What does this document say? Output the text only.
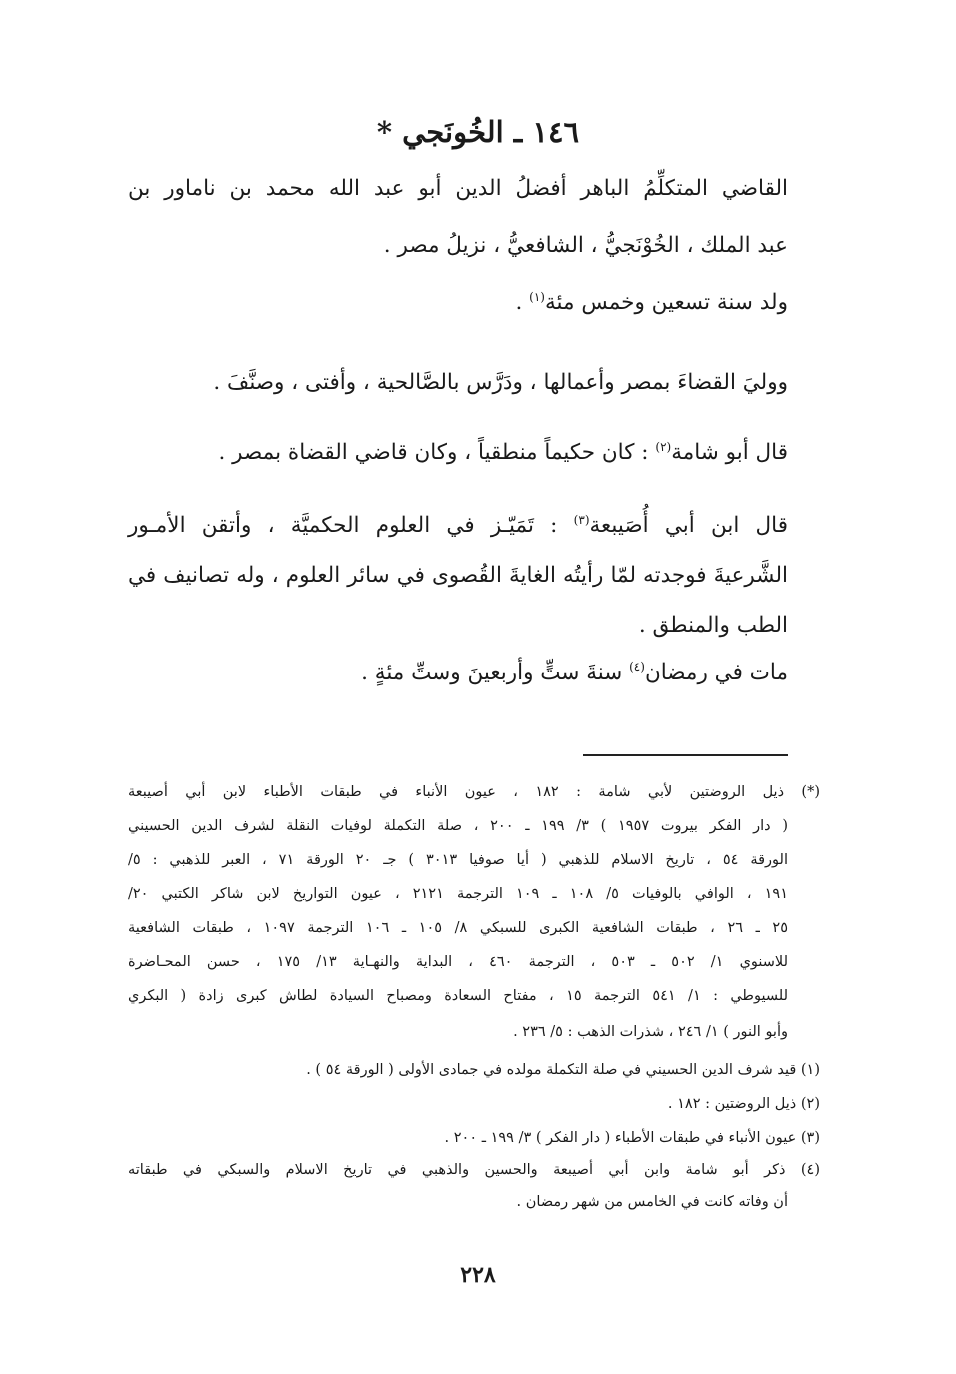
١٤٦ ـ الخُونَجي *
القاضي المتكلِّمُ الباهر أفضلُ الدين أبو عبد الله محمد بن ناماور بن
عبد الملك ، الخُوْنَجيُّ ، الشافعيُّ ، نزيلُ مصر .
ولد سنة تسعين وخمس مئة$^{(١)}$ .
ووليَ القضاءَ بمصر وأعمالها ، ودَرَّس بالصَّالحية ، وأفتى ، وصنَّفَ .
قال أبو شامة$^{(٢)}$ : كان حكيماً منطقياً ، وكان قاضي القضاة بمصر .
قال ابن أبي أُصَيبعة$^{(٣)}$ : تَمَيّـز في العلوم الحكميَّة ، وأتقن الأمـور
الشَّرعيةَ فوجدته لمّا رأيتُه الغايةَ القُصوى في سائر العلوم ، وله تصانيف في
الطب والمنطق .
مات في رمضان$^{(٤)}$ سنةَ ستٍّ وأربعينَ وستِّ مئةٍ .
(*) ذيل الروضتين لأبي شامة : ١٨٢ ، عيون الأنباء في طبقات الأطباء لابن أبي أصيبعة
( دار الفكر بيروت ١٩٥٧ ) ٣/ ١٩٩ ـ ٢٠٠ ، صلة التكملة لوفيات النقلة لشرف الدين الحسيني
الورقة ٥٤ ، تاريخ الاسلام للذهبي ( أيا صوفيا ٣٠١٣ ) جـ ٢٠ الورقة ٧١ ، العبر للذهبي : ٥/
١٩١ ، الوافي بالوفيات ٥/ ١٠٨ ـ ١٠٩ الترجمة ٢١٢١ ، عيون التواريخ لابن شاكر الكتبي ٢٠/
٢٥ ـ ٢٦ ، طبقات الشافعية الكبرى للسبكي ٨/ ١٠٥ ـ ١٠٦ الترجمة ١٠٩٧ ، طبقات الشافعية
للاسنوي ١/ ٥٠٢ ـ ٥٠٣ ، الترجمة ٤٦٠ ، البداية والنهـاية ١٣/ ١٧٥ ، حسن المحـاضرة
للسيوطي : ١/ ٥٤١ الترجمة ١٥ ، مفتاح السعادة ومصباح السيادة لطاش كبرى زادة ( البكري
وأبو النور ) ١/ ٢٤٦ ، شذرات الذهب : ٥/ ٢٣٦ .
(١) قيد شرف الدين الحسيني في صلة التكملة مولده في جمادى الأولى ( الورقة ٥٤ ) .
(٢) ذيل الروضتين : ١٨٢ .
(٣) عيون الأنباء في طبقات الأطباء ( دار الفكر ) ٣/ ١٩٩ ـ ٢٠٠ .
(٤) ذكر أبو شامة وابن أبي أصيبعة والحسين والذهبي في تاريخ الاسلام والسبكي في طبقاته
أن وفاته كانت في الخامس من شهر رمضان .
٢٢٨
